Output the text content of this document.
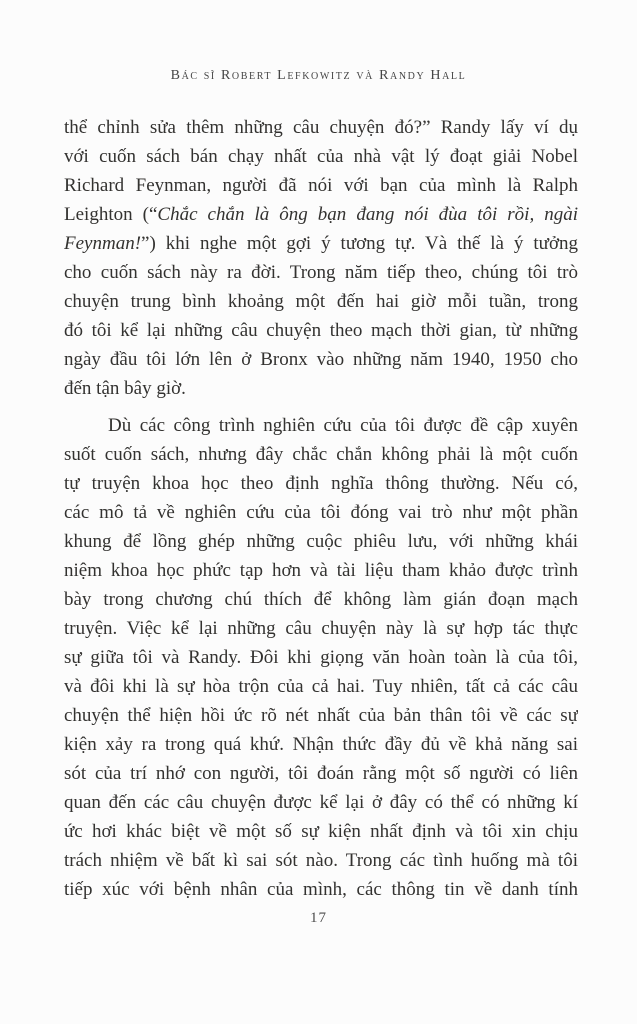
Bác sĩ Robert Lefkowitz và Randy Hall
thể chỉnh sửa thêm những câu chuyện đó?” Randy lấy ví dụ
với cuốn sách bán chạy nhất của nhà vật lý đoạt giải Nobel
Richard Feynman, người đã nói với bạn của mình là Ralph
Leighton (“Chắc chắn là ông bạn đang nói đùa tôi rồi, ngài
Feynman!”) khi nghe một gợi ý tương tự. Và thế là ý tưởng
cho cuốn sách này ra đời. Trong năm tiếp theo, chúng tôi trò
chuyện trung bình khoảng một đến hai giờ mỗi tuần, trong
đó tôi kể lại những câu chuyện theo mạch thời gian, từ những
ngày đầu tôi lớn lên ở Bronx vào những năm 1940, 1950 cho
đến tận bây giờ.
Dù các công trình nghiên cứu của tôi được đề cập xuyên
suốt cuốn sách, nhưng đây chắc chắn không phải là một cuốn
tự truyện khoa học theo định nghĩa thông thường. Nếu có,
các mô tả về nghiên cứu của tôi đóng vai trò như một phần
khung để lồng ghép những cuộc phiêu lưu, với những khái
niệm khoa học phức tạp hơn và tài liệu tham khảo được trình
bày trong chương chú thích để không làm gián đoạn mạch
truyện. Việc kể lại những câu chuyện này là sự hợp tác thực
sự giữa tôi và Randy. Đôi khi giọng văn hoàn toàn là của tôi,
và đôi khi là sự hòa trộn của cả hai. Tuy nhiên, tất cả các câu
chuyện thể hiện hồi ức rõ nét nhất của bản thân tôi về các sự
kiện xảy ra trong quá khứ. Nhận thức đầy đủ về khả năng sai
sót của trí nhớ con người, tôi đoán rằng một số người có liên
quan đến các câu chuyện được kể lại ở đây có thể có những kí
ức hơi khác biệt về một số sự kiện nhất định và tôi xin chịu
trách nhiệm về bất kì sai sót nào. Trong các tình huống mà tôi
tiếp xúc với bệnh nhân của mình, các thông tin về danh tính
17
